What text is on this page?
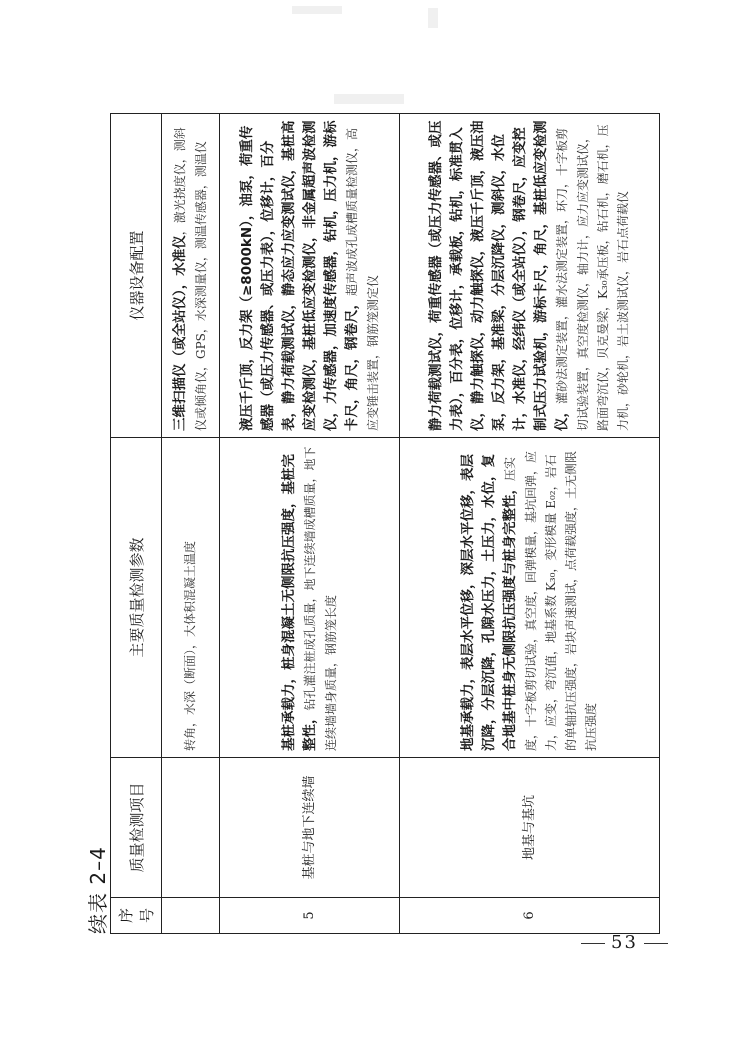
续表 2–4 序号	质量检测项目	主要质量检测参数	仪器设备配置
		转角，水深（断面），大体积混凝土温度	三维扫描仪（或全站仪），水准仪，激光挠度仪，测斜仪或倾角仪，GPS，水深测量仪，测温传感器，测温仪
5	基桩与地下连续墙	基桩承载力，桩身混凝土无侧限抗压强度，基桩完整性，钻孔灌注桩成孔质量，地下连续墙成槽质量，地下连续墙墙身质量，钢筋笼长度	液压千斤顶，反力架（≥8000kN），油泵，荷重传感器（或压力传感器、或压力表），位移计，百分表，静力荷载测试仪，静态应力应变测试仪，基桩高应变检测仪，基桩低应变检测仪，非金属超声波检测仪，力传感器，加速度传感器，钻机，压力机，游标卡尺，角尺，钢卷尺，超声波成孔成槽质量检测仪，高应变锤击装置，钢筋笼测定仪
6	地基与基坑	地基承载力，表层水平位移，深层水平位移，表层沉降，分层沉降，孔隙水压力，土压力，水位，复合地基中桩身无侧限抗压强度与桩身完整性，压实度，十字板剪切试验，真空度，回弹模量，基坑回弹，应力，应变，弯沉值，地基系数 K₃₀，变形模量 E₀₂，岩石的单轴抗压强度，岩块声速测试，点荷载强度，土无侧限抗压强度	静力荷载测试仪，荷重传感器（或压力传感器、或压力表），百分表，位移计，承载板，钻机，标准贯入仪，静力触探仪，动力触探仪，液压千斤顶，液压油泵，反力架，基准梁，分层沉降仪，测斜仪，水位计，水准仪，经纬仪（或全站仪），钢卷尺，应变控制式压力试验机，游标卡尺，角尺，基桩低应变检测仪，灌砂法测定装置，灌水法测定装置，环刀，十字板剪切试验装置，真空度检测仪，轴力计，应力应变测试仪，路面弯沉仪，贝克曼梁，K₃₀承压板，钻石机，磨石机，压力机，砂轮机，岩土波测试仪，岩石点荷载仪
53
